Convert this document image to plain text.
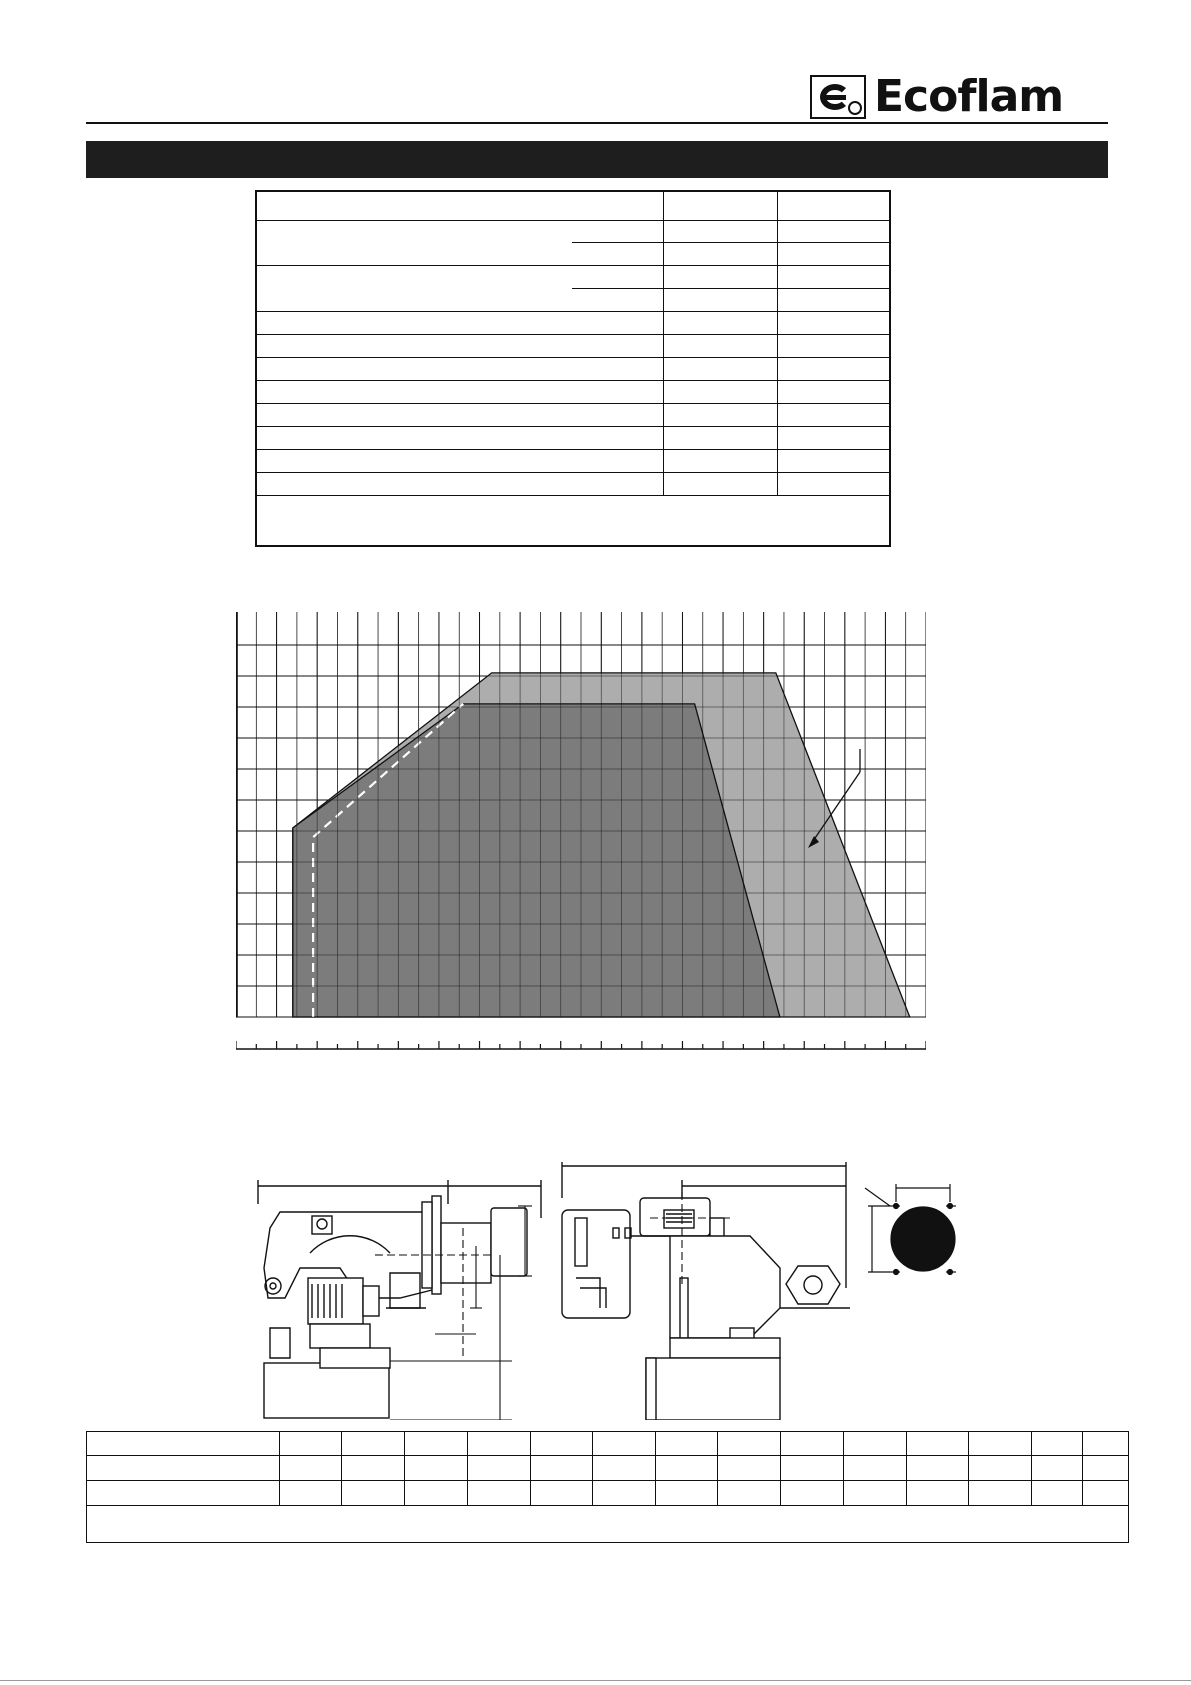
Ecoflam
